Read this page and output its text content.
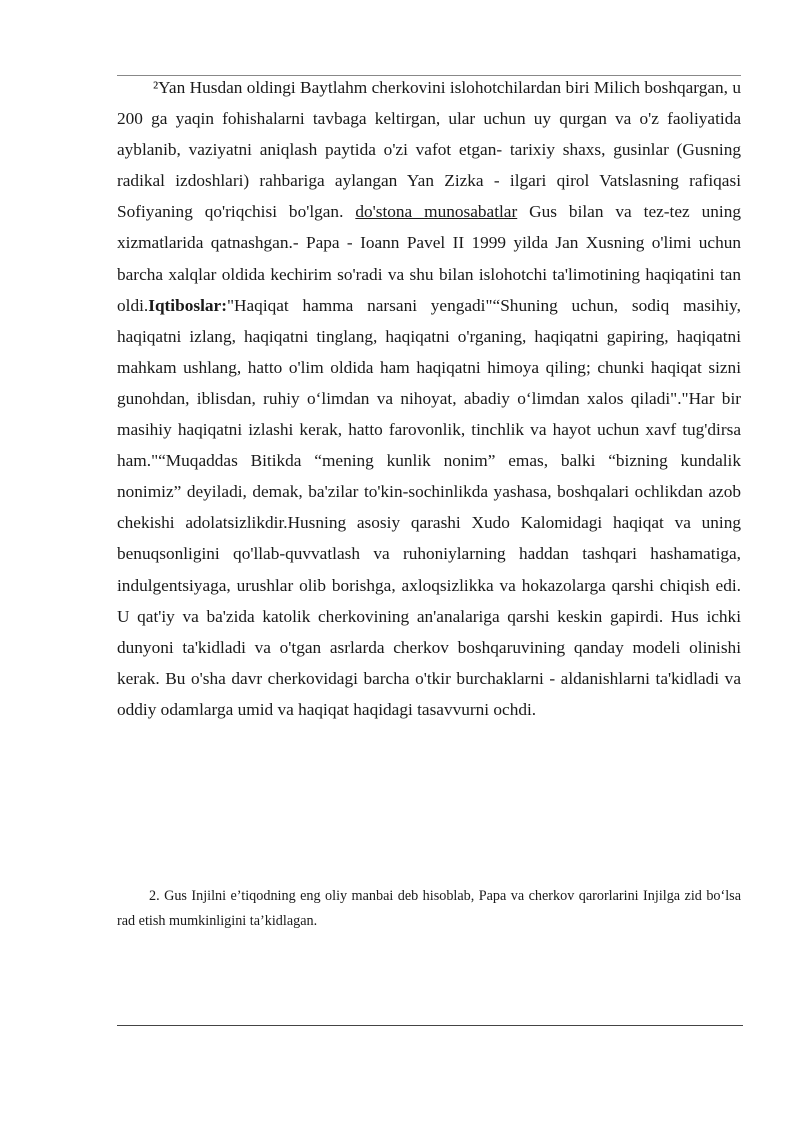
²Yan Husdan oldingi Baytlahm cherkovini islohotchilardan biri Milich boshqargan, u 200 ga yaqin fohishalarni tavbaga keltirgan, ular uchun uy qurgan va o'z faoliyatida ayblanib, vaziyatni aniqlash paytida o'zi vafot etgan- tarixiy shaxs, gusinlar (Gusning radikal izdoshlari) rahbariga aylangan Yan Zizka - ilgari qirol Vatslasning rafiqasi Sofiyaning qo'riqchisi bo'lgan. do'stona munosabatlar Gus bilan va tez-tez uning xizmatlarida qatnashgan.- Papa - Ioann Pavel II 1999 yilda Jan Xusning o'limi uchun barcha xalqlar oldida kechirim so'radi va shu bilan islohotchi ta'limotining haqiqatini tan oldi.Iqtiboslar:"Haqiqat hamma narsani yengadi"“Shuning uchun, sodiq masihiy, haqiqatni izlang, haqiqatni tinglang, haqiqatni o'rganing, haqiqatni gapiring, haqiqatni mahkam ushlang, hatto o'lim oldida ham haqiqatni himoya qiling; chunki haqiqat sizni gunohdan, iblisdan, ruhiy o‘limdan va nihoyat, abadiy o‘limdan xalos qiladi"."Har bir masihiy haqiqatni izlashi kerak, hatto farovonlik, tinchlik va hayot uchun xavf tug'dirsa ham."“Muqaddas Bitikda “mening kunlik nonim” emas, balki “bizning kundalik nonimiz” deyiladi, demak, ba'zilar to'kin-sochinlikda yashasa, boshqalari ochlikdan azob chekishi adolatsizlikdir.Husning asosiy qarashi Xudo Kalomidagi haqiqat va uning benuqsonligini qo'llab-quvvatlash va ruhoniylarning haddan tashqari hashamatiga, indulgentsiyaga, urushlar olib borishga, axloqsizlikka va hokazolarga qarshi chiqish edi. U qat'iy va ba'zida katolik cherkovining an'analariga qarshi keskin gapirdi. Hus ichki dunyoni ta'kidladi va o'tgan asrlarda cherkov boshqaruvining qanday modeli olinishi kerak. Bu o'sha davr cherkovidagi barcha o'tkir burchaklarni - aldanishlarni ta'kidladi va oddiy odamlarga umid va haqiqat haqidagi tasavvurni ochdi.

2. Gus Injilni e’tiqodning eng oliy manbai deb hisoblab, Papa va cherkov qarorlarini Injilga zid bo‘lsa rad etish mumkinligini ta’kidlagan.
